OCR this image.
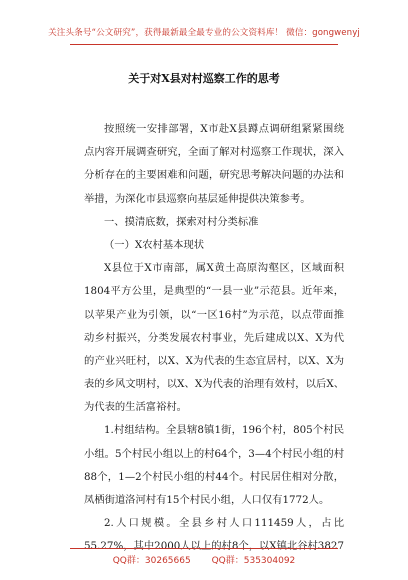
关注头条号“公文研究”，获得最新最全最专业的公文资料库！ 微信：gongwenyj
关于对X县对村巡察工作的思考
按照统一安排部署，X市赴X县蹲点调研组紧紧围绕
点内容开展调查研究，全面了解对村巡察工作现状，深入
分析存在的主要困难和问题，研究思考解决问题的办法和
举措，为深化市县巡察向基层延伸提供决策参考。
一、摸清底数，探索对村分类标准
（一）X农村基本现状
X县位于X市南部，属X黄土高原沟壑区，区域面积
1804平方公里，是典型的“一县一业”示范县。近年来，
以苹果产业为引领，以“一区16村”为示范，以点带面推
动乡村振兴，分类发展农村事业，先后建成以X、X为代
的产业兴旺村，以X、X为代表的生态宜居村，以X、X为
表的乡风文明村，以X、X为代表的治理有效村，以后X、
为代表的生活富裕村。
1.村组结构。全县辖8镇1街，196个村，805个村民
小组。5个村民小组以上的村64个，3—4个村民小组的村
88个，1—2个村民小组的村44个。村民居住相对分散，
凤栖街道洛河村有15个村民小组，人口仅有1772人。
2.人口规模。全县乡村人口111459人，占比
55.27%，其中2000人以上的村8个，以X镇北谷村3827
QQ群：30265665 QQ群：535304092
